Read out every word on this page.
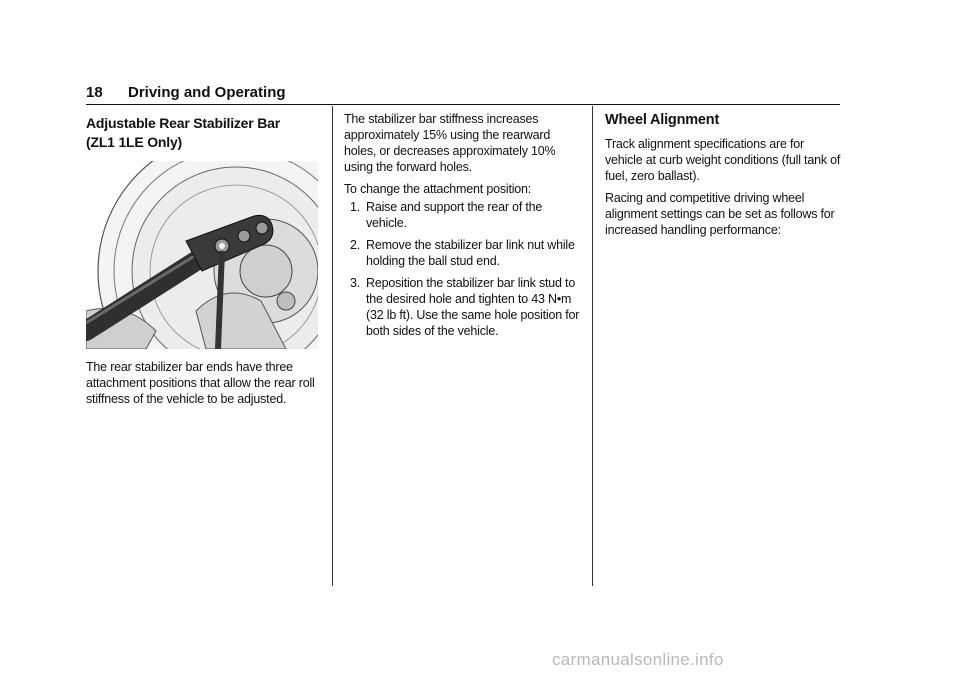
18 Driving and Operating
Adjustable Rear Stabilizer Bar
(ZL1 1LE Only)

The rear stabilizer bar ends have three attachment positions that allow the rear roll stiffness of the vehicle to be adjusted.

The stabilizer bar stiffness increases approximately 15% using the rearward holes, or decreases approximately 10% using the forward holes.

To change the attachment position:

1. Raise and support the rear of the vehicle.
2. Remove the stabilizer bar link nut while holding the ball stud end.
3. Reposition the stabilizer bar link stud to the desired hole and tighten to 43 N•m (32 lb ft). Use the same hole position for both sides of the vehicle.
Wheel Alignment

Track alignment specifications are for vehicle at curb weight conditions (full tank of fuel, zero ballast).

Racing and competitive driving wheel alignment settings can be set as follows for increased handling performance:

carmanualsonline.info
